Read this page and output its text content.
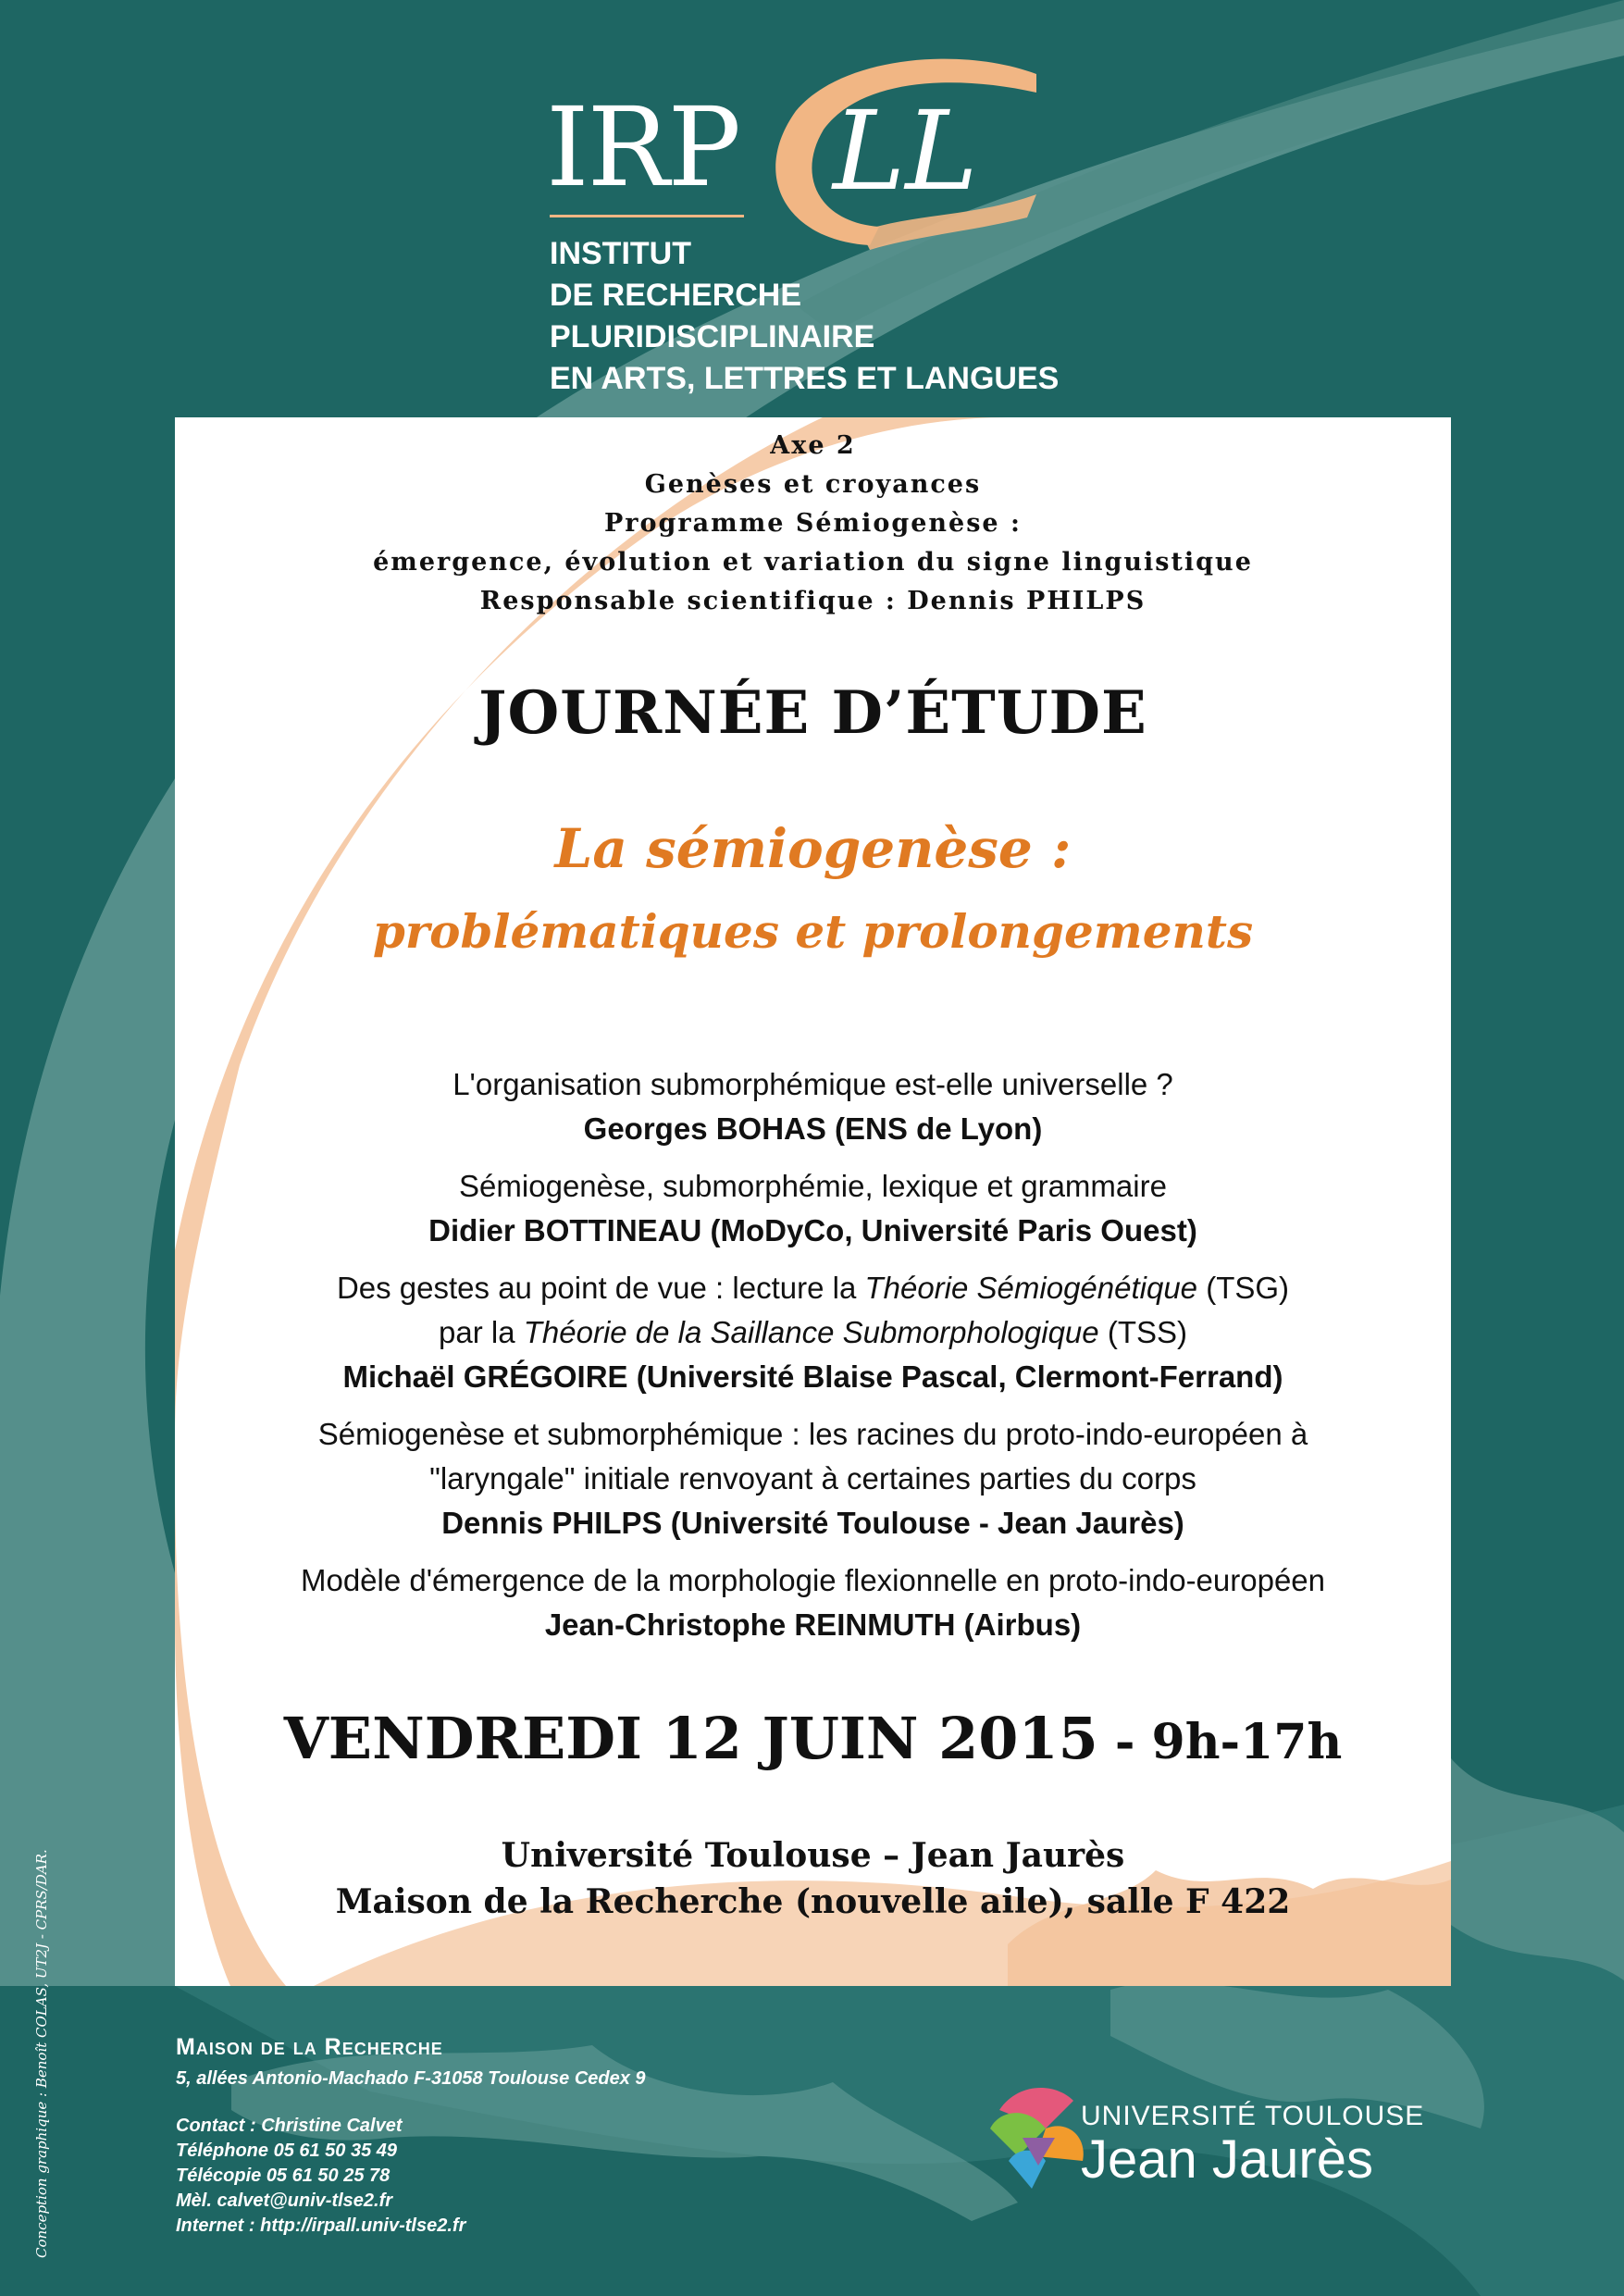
IRP LL
INSTITUT
DE RECHERCHE
PLURIDISCIPLINAIRE
EN ARTS, LETTRES ET LANGUES
Axe 2
Genèses et croyances
Programme Sémiogenèse :
émergence, évolution et variation du signe linguistique
Responsable scientifique : Dennis PHILPS
JOURNÉE D’ÉTUDE
La sémiogenèse :
problématiques et prolongements
L'organisation submorphémique est-elle universelle ?
Georges BOHAS (ENS de Lyon)
Sémiogenèse, submorphémie, lexique et grammaire
Didier BOTTINEAU (MoDyCo, Université Paris Ouest)
Des gestes au point de vue : lecture la Théorie Sémiogénétique (TSG)
par la Théorie de la Saillance Submorphologique (TSS)
Michaël GRÉGOIRE (Université Blaise Pascal, Clermont-Ferrand)
Sémiogenèse et submorphémique : les racines du proto-indo-européen à
"laryngale" initiale renvoyant à certaines parties du corps
Dennis PHILPS (Université Toulouse - Jean Jaurès)
Modèle d'émergence de la morphologie flexionnelle en proto-indo-européen
Jean-Christophe REINMUTH (Airbus)
VENDREDI 12 JUIN 2015 - 9h-17h
Université Toulouse – Jean Jaurès
Maison de la Recherche (nouvelle aile), salle F 422
Maison de la Recherche
5, allées Antonio-Machado F-31058 Toulouse Cedex 9
Contact : Christine Calvet
Téléphone 05 61 50 35 49
Télécopie 05 61 50 25 78
Mèl. calvet@univ-tlse2.fr
Internet : http://irpall.univ-tlse2.fr
Conception graphique : Benoît COLAS, UT2J - CPRS/DAR.	UNIVERSITÉ TOULOUSE
Jean Jaurès
